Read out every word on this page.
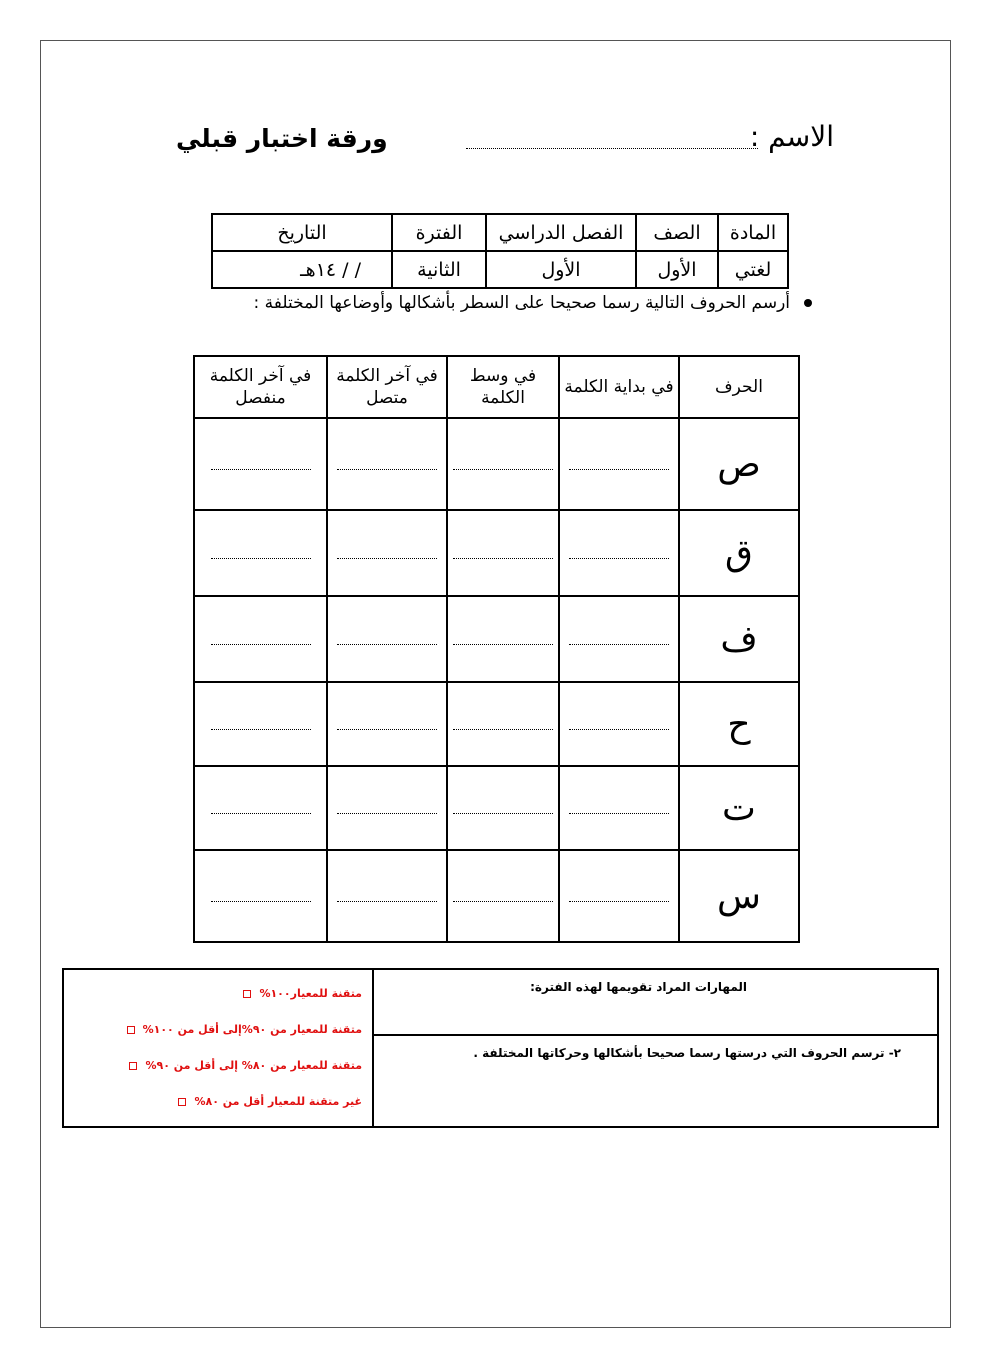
الاسم :
ورقة اختبار قبلي
المادة	الصف	الفصل الدراسي	الفترة	التاريخ
لغتي	الأول	الأول	الثانية	/ / ١٤هـ
أرسم الحروف التالية رسما صحيحا على السطر بأشكالها وأوضاعها المختلفة :
الحرف	في بداية الكلمة	في وسط الكلمة	في آخر الكلمة متصل	في آخر الكلمة منفصل
ص				
ق				
ف				
ح				
ت				
س				
المهارات المراد تقويمها لهذه الفترة:	
متقنة للمعيار١٠٠%
متقنة للمعيار من ٩٠%إلى أقل من ١٠٠%
متقنة للمعيار من ٨٠% إلى أقل من ٩٠%
غير متقنة للمعيار أقل من ٨٠%

٢- ترسم الحروف التي درستها رسما صحيحا بأشكالها وحركاتها المختلفة .
